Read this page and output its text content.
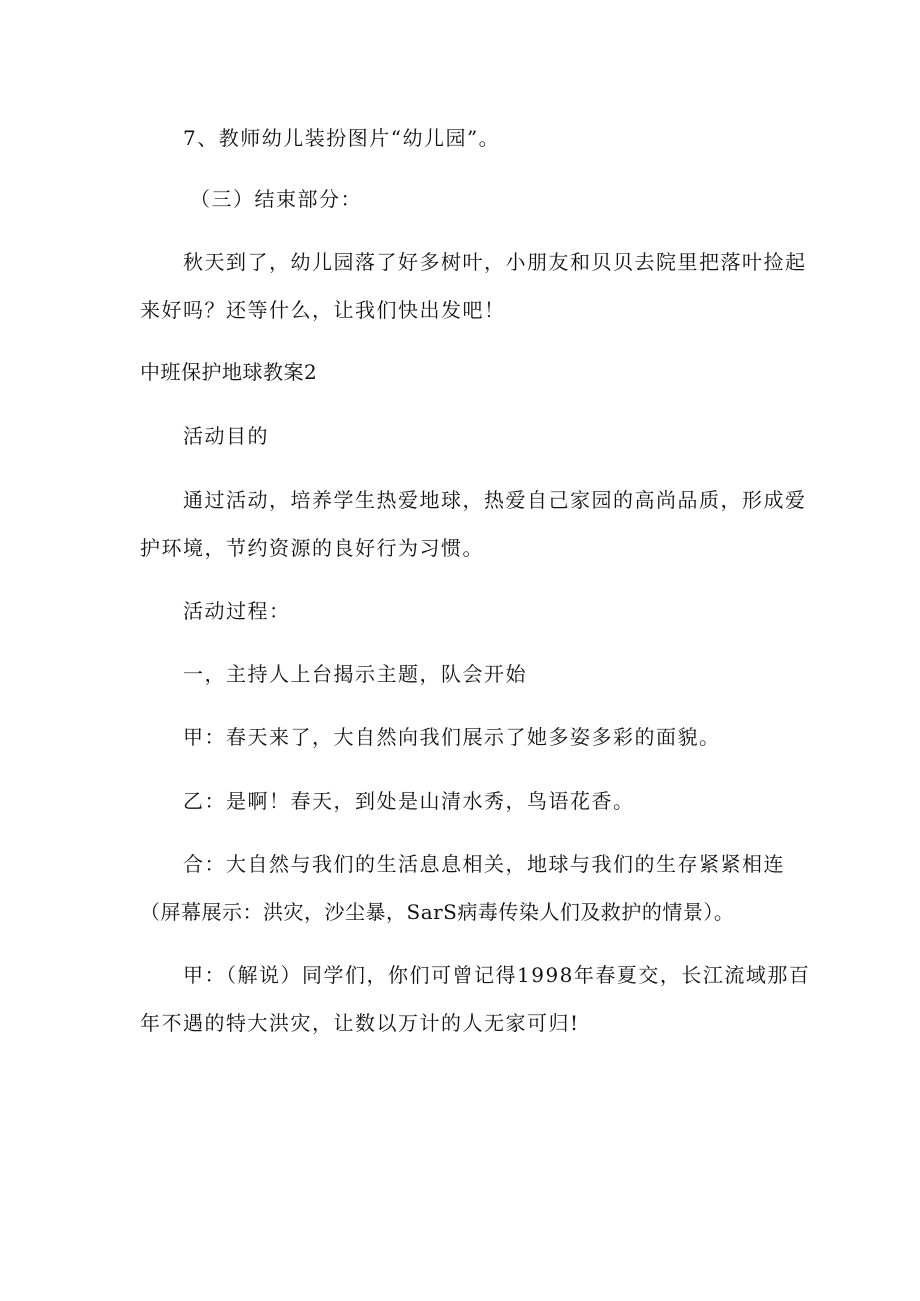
7、教师幼儿装扮图片“幼儿园”。

（三）结束部分：

秋天到了，幼儿园落了好多树叶，小朋友和贝贝去院里把落叶捡起

来好吗？还等什么，让我们快出发吧！

中班保护地球教案2

活动目的

通过活动，培养学生热爱地球，热爱自己家园的高尚品质，形成爱

护环境，节约资源的良好行为习惯。

活动过程：

一，主持人上台揭示主题，队会开始

甲：春天来了，大自然向我们展示了她多姿多彩的面貌。

乙：是啊！春天，到处是山清水秀，鸟语花香。

合：大自然与我们的生活息息相关，地球与我们的生存紧紧相连

（屏幕展示：洪灾，沙尘暴，SarS病毒传染人们及救护的情景）。

甲：（解说）同学们，你们可曾记得1998年春夏交，长江流域那百

年不遇的特大洪灾，让数以万计的人无家可归!
